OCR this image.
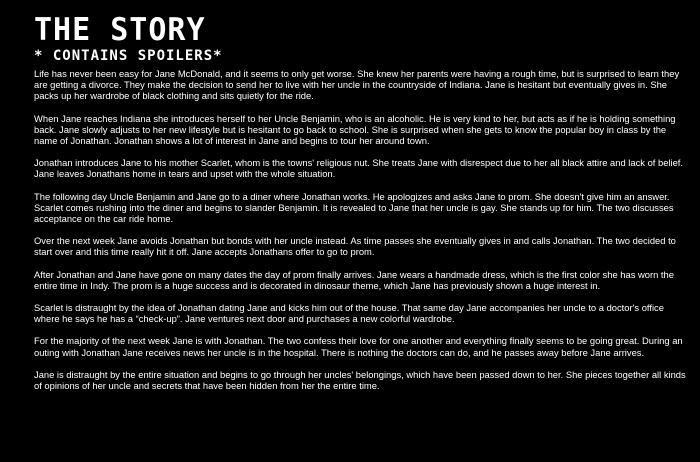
THE STORY
* CONTAINS SPOILERS*

Life has never been easy for Jane McDonald, and it seems to only get worse. She knew her parents were having a rough time, but is surprised to learn they are getting a divorce. They make the decision to send her to live with her uncle in the countryside of Indiana. Jane is hesitant but eventually gives in. She packs up her wardrobe of black clothing and sits quietly for the ride.

When Jane reaches Indiana she introduces herself to her Uncle Benjamin, who is an alcoholic. He is very kind to her, but acts as if he is holding something back. Jane slowly adjusts to her new lifestyle but is hesitant to go back to school. She is surprised when she gets to know the popular boy in class by the name of Jonathan. Jonathan shows a lot of interest in Jane and begins to tour her around town.

Jonathan introduces Jane to his mother Scarlet, whom is the towns' religious nut. She treats Jane with disrespect due to her all black attire and lack of belief. Jane leaves Jonathans home in tears and upset with the whole situation.

The following day Uncle Benjamin and Jane go to a diner where Jonathan works. He apologizes and asks Jane to prom. She doesn't give him an answer. Scarlet comes rushing into the diner and begins to slander Benjamin. It is revealed to Jane that her uncle is gay. She stands up for him. The two discusses acceptance on the car ride home.

Over the next week Jane avoids Jonathan but bonds with her uncle instead. As time passes she eventually gives in and calls Jonathan. The two decided to start over and this time really hit it off. Jane accepts Jonathans offer to go to prom.

After Jonathan and Jane have gone on many dates the day of prom finally arrives. Jane wears a handmade dress, which is the first color she has worn the entire time in Indy. The prom is a huge success and is decorated in dinosaur theme, which Jane has previously shown a huge interest in.

Scarlet is distraught by the idea of Jonathan dating Jane and kicks him out of the house. That same day Jane accompanies her uncle to a doctor's office where he says he has a “check-up”. Jane ventures next door and purchases a new colorful wardrobe.

For the majority of the next week Jane is with Jonathan. The two confess their love for one another and everything finally seems to be going great. During an outing with Jonathan Jane receives news her uncle is in the hospital. There is nothing the doctors can do, and he passes away before Jane arrives.

Jane is distraught by the entire situation and begins to go through her uncles' belongings, which have been passed down to her. She pieces together all kinds of opinions of her uncle and secrets that have been hidden from her the entire time.
